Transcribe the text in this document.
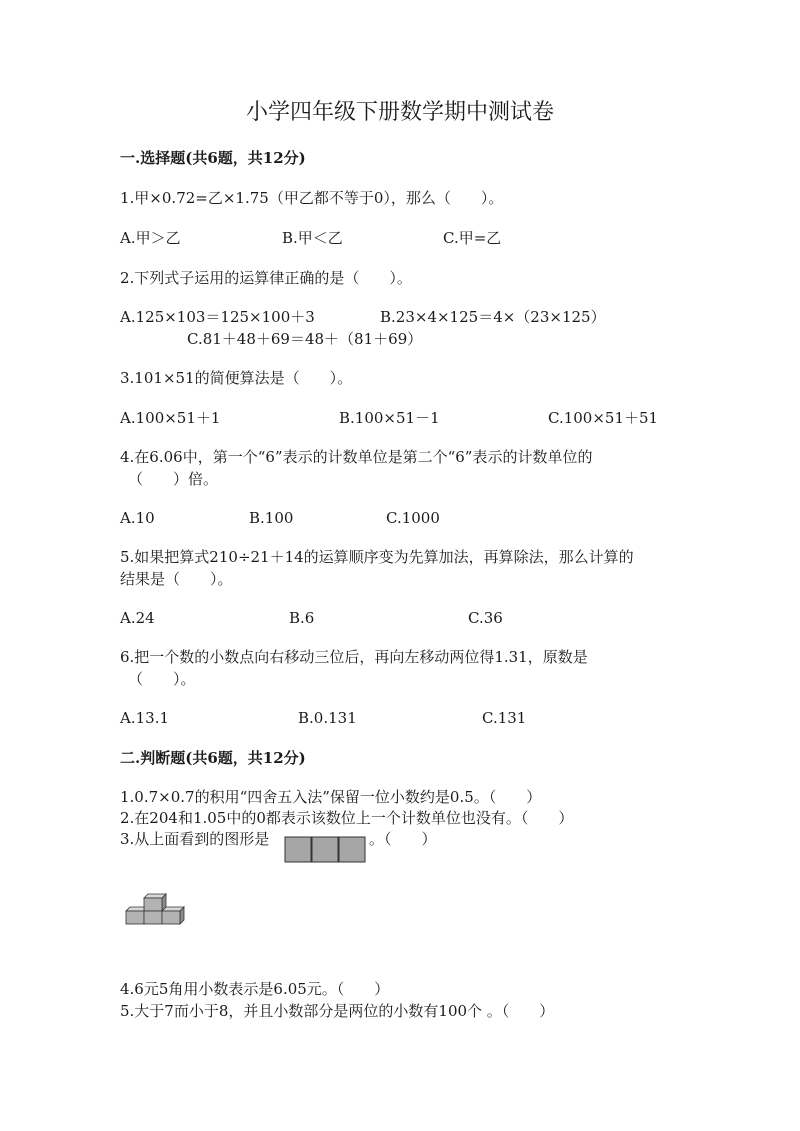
小学四年级下册数学期中测试卷
一.选择题(共6题，共12分)
1.甲×0.72=乙×1.75（甲乙都不等于0），那么（　　）。
A.甲＞乙	B.甲＜乙	C.甲=乙
2.下列式子运用的运算律正确的是（　　）。
A.125×103＝125×100＋3	B.23×4×125＝4×（23×125）
C.81＋48＋69＝48＋（81＋69）
3.101×51的简便算法是（　　）。
A.100×51＋1	B.100×51－1	C.100×51＋51
4.在6.06中，第一个“6”表示的计数单位是第二个“6”表示的计数单位的
（　　）倍。
A.10	B.100	C.1000
5.如果把算式210÷21＋14的运算顺序变为先算加法，再算除法，那么计算的
结果是（　　）。
A.24	B.6	C.36
6.把一个数的小数点向右移动三位后，再向左移动两位得1.31，原数是
（　　）。
A.13.1	B.0.131	C.131
二.判断题(共6题，共12分)
1.0.7×0.7的积用“四舍五入法”保留一位小数约是0.5。（　　）
2.在204和1.05中的0都表示该数位上一个计数单位也没有。（　　）
3.从上面看到的图形是	。（　　）
4.6元5角用小数表示是6.05元。（　　）
5.大于7而小于8，并且小数部分是两位的小数有100个 。（　　）
